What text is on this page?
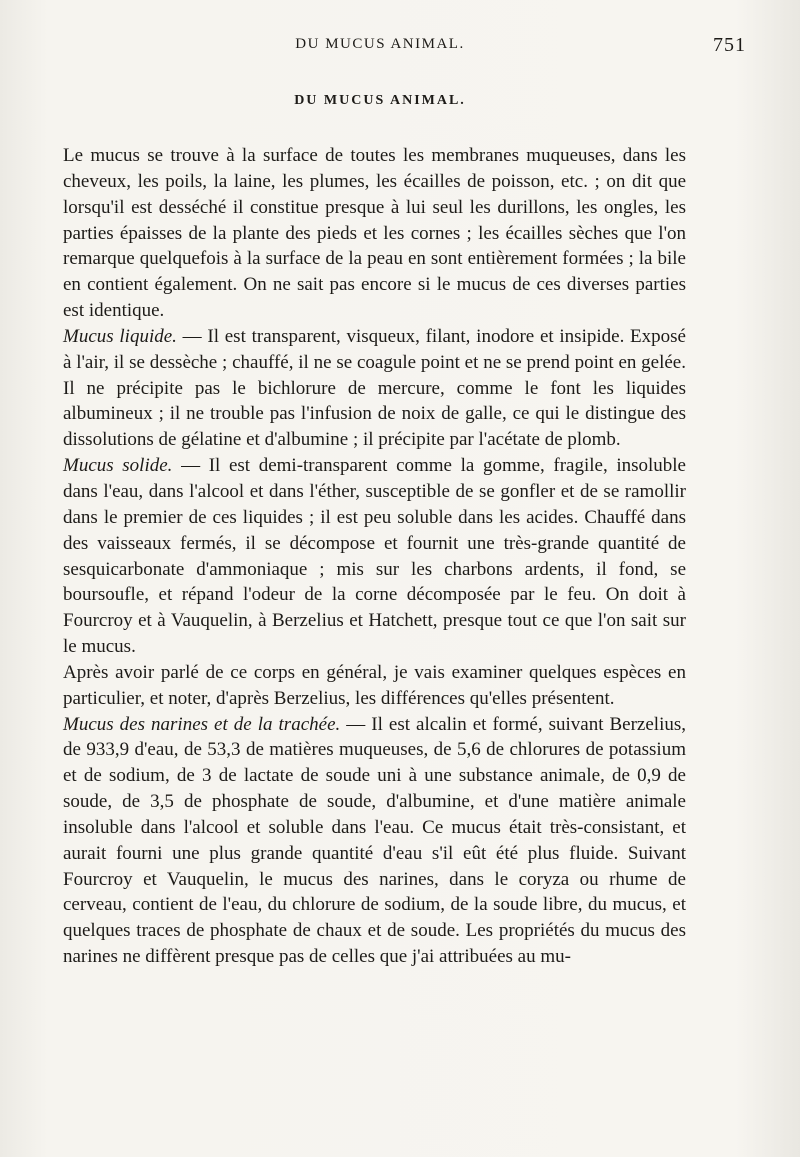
DU MUCUS ANIMAL.	751
DU MUCUS ANIMAL.

Le mucus se trouve à la surface de toutes les membranes muqueuses, dans les cheveux, les poils, la laine, les plumes, les écailles de poisson, etc. ; on dit que lorsqu'il est desséché il constitue presque à lui seul les durillons, les ongles, les parties épaisses de la plante des pieds et les cornes ; les écailles sèches que l'on remarque quelquefois à la surface de la peau en sont entièrement formées ; la bile en contient également. On ne sait pas encore si le mucus de ces diverses parties est identique.

Mucus liquide. — Il est transparent, visqueux, filant, inodore et insipide. Exposé à l'air, il se dessèche ; chauffé, il ne se coagule point et ne se prend point en gelée. Il ne précipite pas le bichlorure de mercure, comme le font les liquides albumineux ; il ne trouble pas l'infusion de noix de galle, ce qui le distingue des dissolutions de gélatine et d'albumine ; il précipite par l'acétate de plomb.

Mucus solide. — Il est demi-transparent comme la gomme, fragile, insoluble dans l'eau, dans l'alcool et dans l'éther, susceptible de se gonfler et de se ramollir dans le premier de ces liquides ; il est peu soluble dans les acides. Chauffé dans des vaisseaux fermés, il se décompose et fournit une très-grande quantité de sesquicarbonate d'ammoniaque ; mis sur les charbons ardents, il fond, se boursoufle, et répand l'odeur de la corne décomposée par le feu. On doit à Fourcroy et à Vauquelin, à Berzelius et Hatchett, presque tout ce que l'on sait sur le mucus.

Après avoir parlé de ce corps en général, je vais examiner quelques espèces en particulier, et noter, d'après Berzelius, les différences qu'elles présentent.

Mucus des narines et de la trachée. — Il est alcalin et formé, suivant Berzelius, de 933,9 d'eau, de 53,3 de matières muqueuses, de 5,6 de chlorures de potassium et de sodium, de 3 de lactate de soude uni à une substance animale, de 0,9 de soude, de 3,5 de phosphate de soude, d'albumine, et d'une matière animale insoluble dans l'alcool et soluble dans l'eau. Ce mucus était très-consistant, et aurait fourni une plus grande quantité d'eau s'il eût été plus fluide. Suivant Fourcroy et Vauquelin, le mucus des narines, dans le coryza ou rhume de cerveau, contient de l'eau, du chlorure de sodium, de la soude libre, du mucus, et quelques traces de phosphate de chaux et de soude. Les propriétés du mucus des narines ne diffèrent presque pas de celles que j'ai attribuées au mu-
